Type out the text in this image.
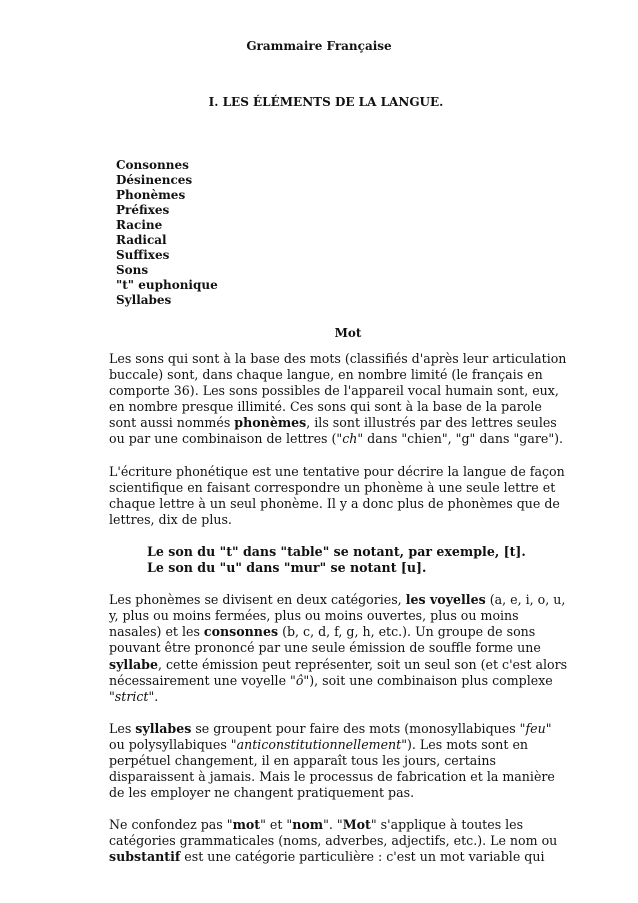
Grammaire Française
I. LES ÉLÉMENTS DE LA LANGUE.
Consonnes
Désinences
Phonèmes
Préfixes
Racine
Radical
Suffixes
Sons
"t" euphonique
Syllabes
Mot

Les sons qui sont à la base des mots (classifiés d'après leur articulation buccale) sont, dans chaque langue, en nombre limité (le français en comporte 36). Les sons possibles de l'appareil vocal humain sont, eux, en nombre presque illimité. Ces sons qui sont à la base de la parole sont aussi nommés phonèmes, ils sont illustrés par des lettres seules ou par une combinaison de lettres ("ch" dans "chien", "g" dans "gare").

L'écriture phonétique est une tentative pour décrire la langue de façon scientifique en faisant correspondre un phonème à une seule lettre et chaque lettre à un seul phonème. Il y a donc plus de phonèmes que de lettres, dix de plus.

Le son du "t" dans "table" se notant, par exemple, [t].
Le son du "u" dans "mur" se notant [u].

Les phonèmes se divisent en deux catégories, les voyelles (a, e, i, o, u, y, plus ou moins fermées, plus ou moins ouvertes, plus ou moins nasales) et les consonnes (b, c, d, f, g, h, etc.). Un groupe de sons pouvant être prononcé par une seule émission de souffle forme une syllabe, cette émission peut représenter, soit un seul son (et c'est alors nécessairement une voyelle "ô"), soit une combinaison plus complexe "strict".

Les syllabes se groupent pour faire des mots (monosyllabiques "feu" ou polysyllabiques "anticonstitutionnellement"). Les mots sont en perpétuel changement, il en apparaît tous les jours, certains disparaissent à jamais. Mais le processus de fabrication et la manière de les employer ne changent pratiquement pas.

Ne confondez pas "mot" et "nom". "Mot" s'applique à toutes les catégories grammaticales (noms, adverbes, adjectifs, etc.). Le nom ou substantif est une catégorie particulière : c'est un mot variable qui
